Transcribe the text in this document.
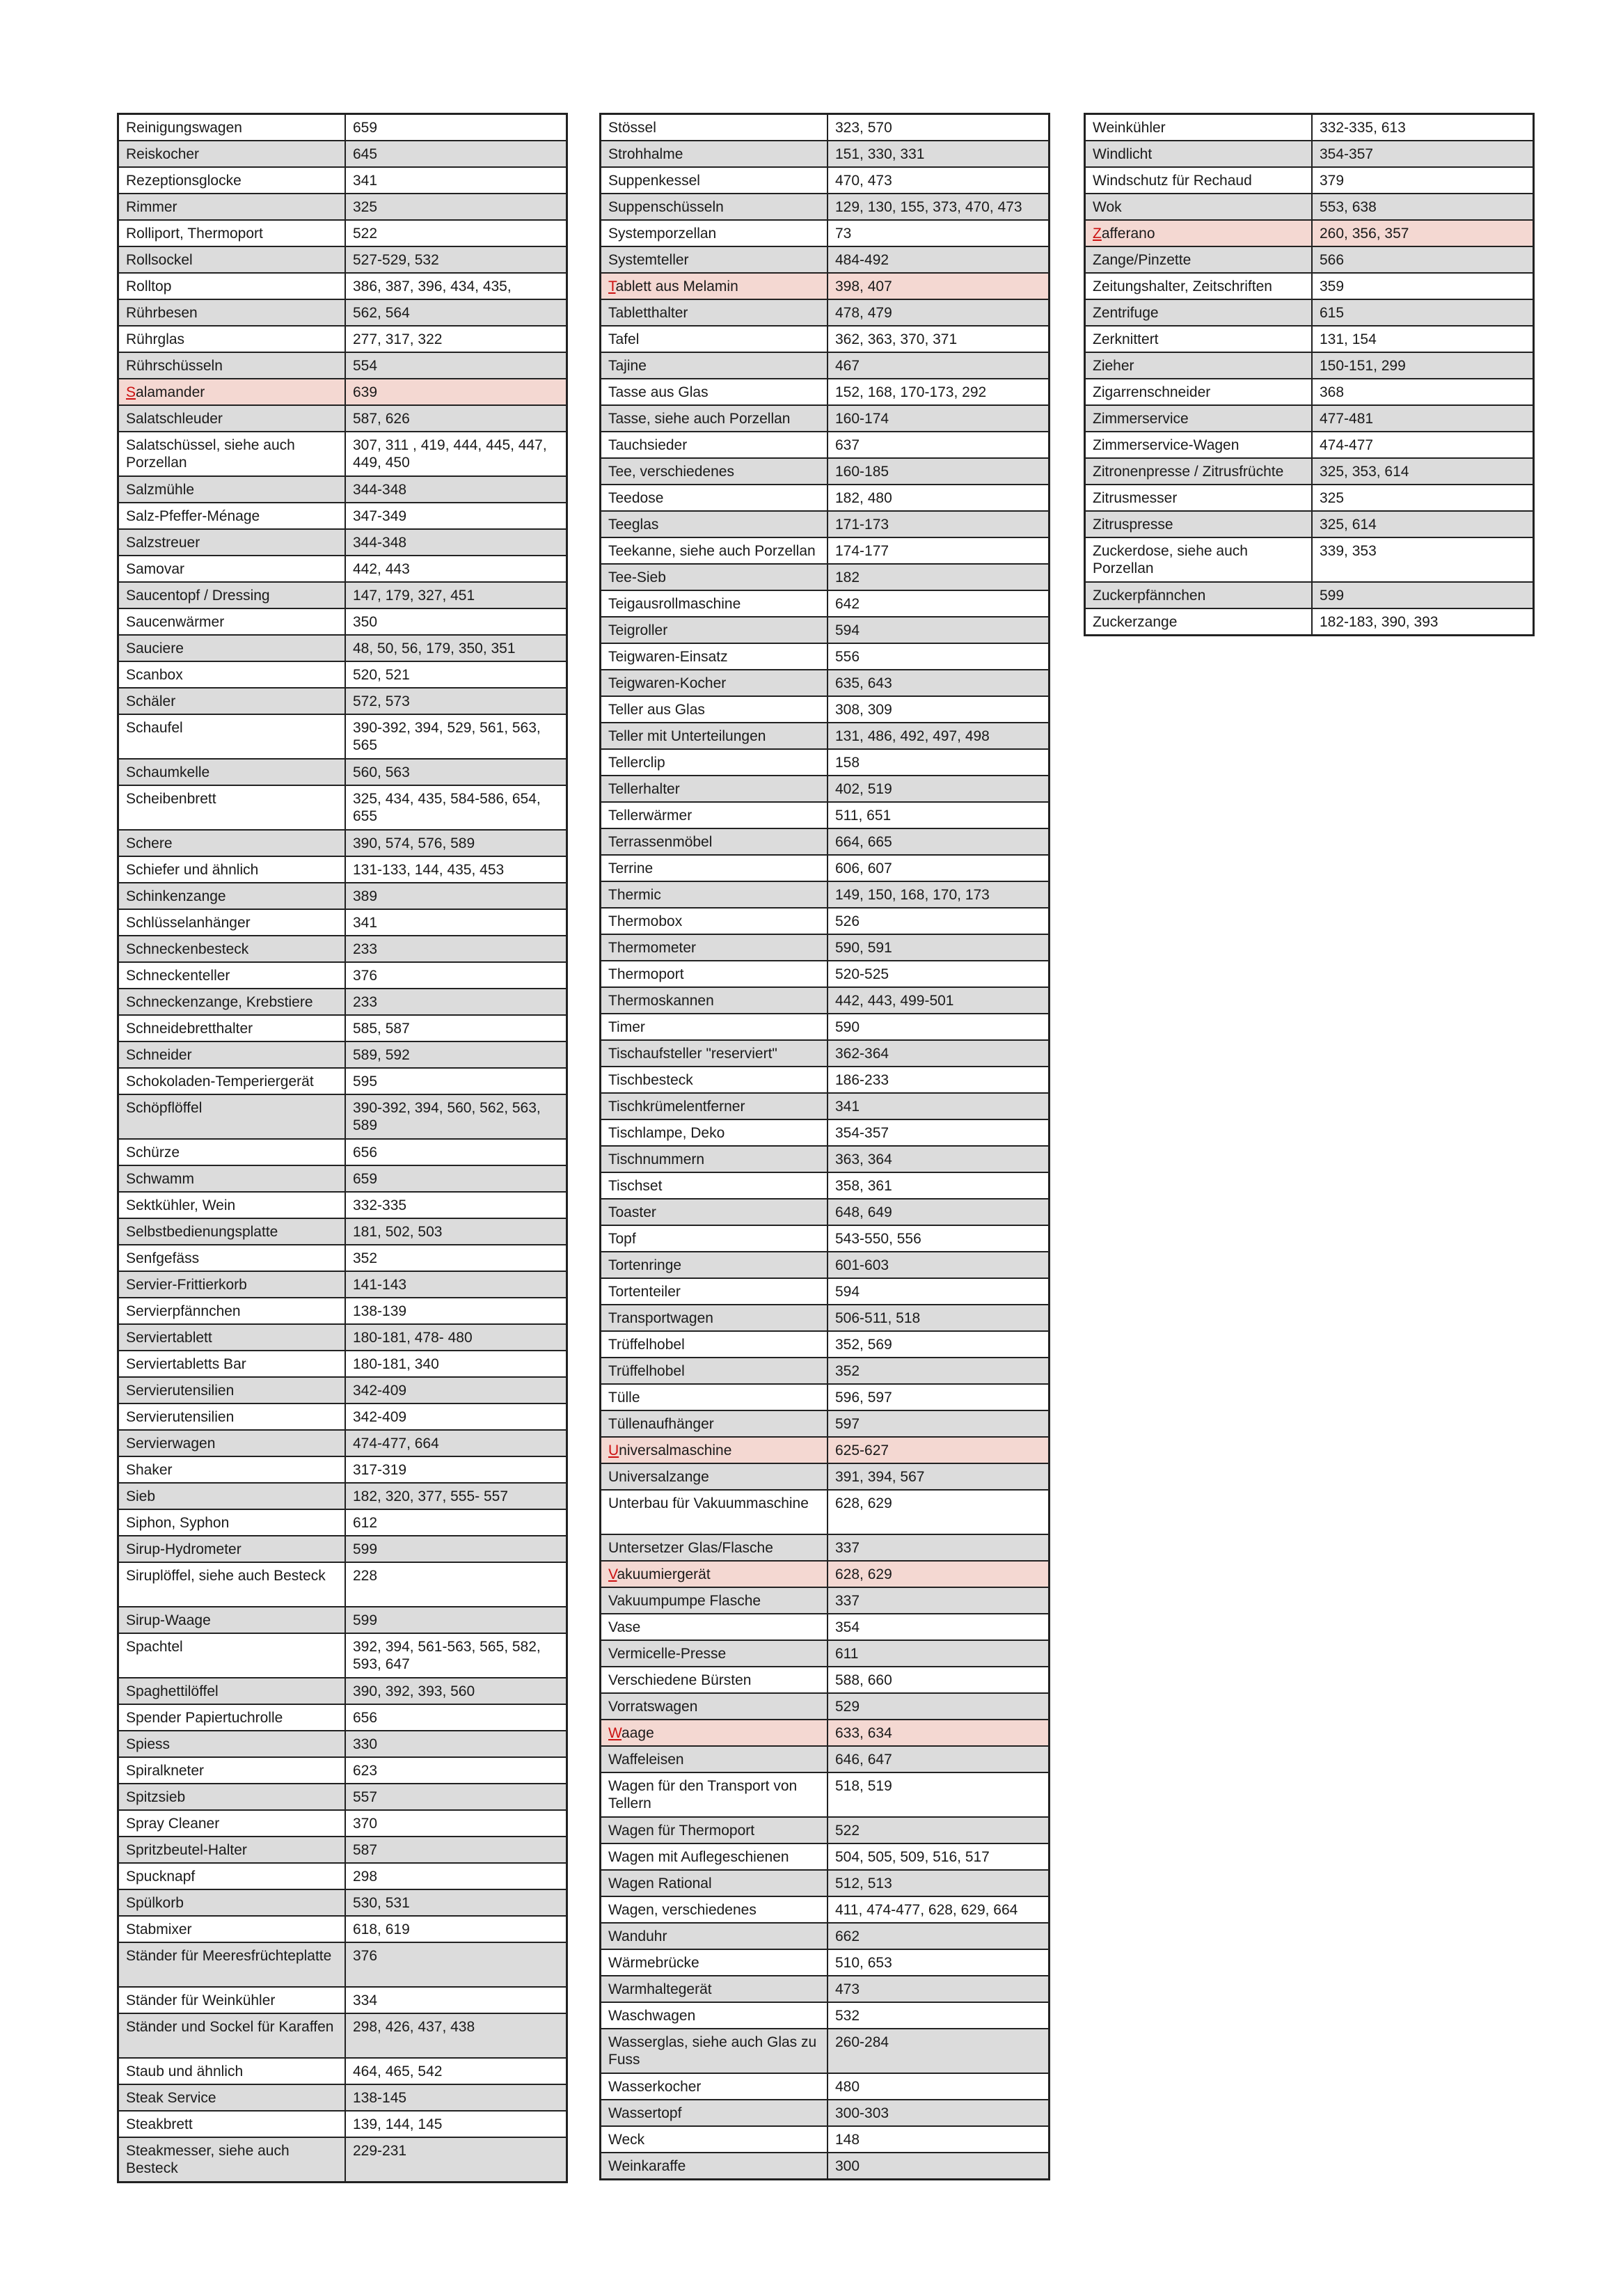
Reinigungswagen	659
Reiskocher	645
Rezeptionsglocke	341
Rimmer	325
Rolliport, Thermoport	522
Rollsockel	527-529, 532
Rolltop	386, 387, 396, 434, 435,
Rührbesen	562, 564
Rührglas	277, 317, 322
Rührschüsseln	554
Salamander	639
Salatschleuder	587, 626
Salatschüssel, siehe auch Porzellan	307, 311 , 419, 444, 445, 447, 449, 450
Salzmühle	344-348
Salz-Pfeffer-Ménage	347-349
Salzstreuer	344-348
Samovar	442, 443
Saucentopf / Dressing	147, 179, 327, 451
Saucenwärmer	350
Sauciere	48, 50, 56, 179, 350, 351
Scanbox	520, 521
Schäler	572, 573
Schaufel	390-392, 394, 529, 561, 563, 565
Schaumkelle	560, 563
Scheibenbrett	325, 434, 435, 584-586, 654, 655
Schere	390, 574, 576, 589
Schiefer und ähnlich	131-133, 144, 435, 453
Schinkenzange	389
Schlüsselanhänger	341
Schneckenbesteck	233
Schneckenteller	376
Schneckenzange, Krebstiere	233
Schneidebretthalter	585, 587
Schneider	589, 592
Schokoladen-Temperiergerät	595
Schöpflöffel	390-392, 394, 560, 562, 563, 589
Schürze	656
Schwamm	659
Sektkühler, Wein	332-335
Selbstbedienungsplatte	181, 502, 503
Senfgefäss	352
Servier-Frittierkorb	141-143
Servierpfännchen	138-139
Serviertablett	180-181, 478- 480
Serviertabletts Bar	180-181, 340
Servierutensilien	342-409
Servierutensilien	342-409
Servierwagen	474-477, 664
Shaker	317-319
Sieb	182, 320, 377, 555- 557
Siphon, Syphon	612
Sirup-Hydrometer	599
Siruplöffel, siehe auch Besteck	228
Sirup-Waage	599
Spachtel	392, 394, 561-563, 565, 582, 593, 647
Spaghettilöffel	390, 392, 393, 560
Spender Papiertuchrolle	656
Spiess	330
Spiralkneter	623
Spitzsieb	557
Spray Cleaner	370
Spritzbeutel-Halter	587
Spucknapf	298
Spülkorb	530, 531
Stabmixer	618, 619
Ständer für Meeresfrüchteplatte	376
Ständer für Weinkühler	334
Ständer und Sockel für Karaffen	298, 426, 437, 438
Staub und ähnlich	464, 465, 542
Steak Service	138-145
Steakbrett	139, 144, 145
Steakmesser, siehe auch Besteck	229-231
Stössel	323, 570
Strohhalme	151, 330, 331
Suppenkessel	470, 473
Suppenschüsseln	129, 130, 155, 373, 470, 473
Systemporzellan	73
Systemteller	484-492
Tablett aus Melamin	398, 407
Tabletthalter	478, 479
Tafel	362, 363, 370, 371
Tajine	467
Tasse aus Glas	152, 168, 170-173, 292
Tasse, siehe auch Porzellan	160-174
Tauchsieder	637
Tee, verschiedenes	160-185
Teedose	182, 480
Teeglas	171-173
Teekanne, siehe auch Porzellan	174-177
Tee-Sieb	182
Teigausrollmaschine	642
Teigroller	594
Teigwaren-Einsatz	556
Teigwaren-Kocher	635, 643
Teller aus Glas	308, 309
Teller mit Unterteilungen	131, 486, 492, 497, 498
Tellerclip	158
Tellerhalter	402, 519
Tellerwärmer	511, 651
Terrassenmöbel	664, 665
Terrine	606, 607
Thermic	149, 150, 168, 170, 173
Thermobox	526
Thermometer	590, 591
Thermoport	520-525
Thermoskannen	442, 443, 499-501
Timer	590
Tischaufsteller "reserviert"	362-364
Tischbesteck	186-233
Tischkrümelentferner	341
Tischlampe, Deko	354-357
Tischnummern	363, 364
Tischset	358, 361
Toaster	648, 649
Topf	543-550, 556
Tortenringe	601-603
Tortenteiler	594
Transportwagen	506-511, 518
Trüffelhobel	352, 569
Trüffelhobel	352
Tülle	596, 597
Tüllenaufhänger	597
Universalmaschine	625-627
Universalzange	391, 394, 567
Unterbau für Vakuummaschine	628, 629
Untersetzer Glas/Flasche	337
Vakuumiergerät	628, 629
Vakuumpumpe Flasche	337
Vase	354
Vermicelle-Presse	611
Verschiedene Bürsten	588, 660
Vorratswagen	529
Waage	633, 634
Waffeleisen	646, 647
Wagen für den Transport von Tellern	518, 519
Wagen für Thermoport	522
Wagen mit Auflegeschienen	504, 505, 509, 516, 517
Wagen Rational	512, 513
Wagen, verschiedenes	411, 474-477, 628, 629, 664
Wanduhr	662
Wärmebrücke	510, 653
Warmhaltegerät	473
Waschwagen	532
Wasserglas, siehe auch Glas zu Fuss	260-284
Wasserkocher	480
Wassertopf	300-303
Weck	148
Weinkaraffe	300
Weinkühler	332-335, 613
Windlicht	354-357
Windschutz für Rechaud	379
Wok	553, 638
Zafferano	260, 356, 357
Zange/Pinzette	566
Zeitungshalter, Zeitschriften	359
Zentrifuge	615
Zerknittert	131, 154
Zieher	150-151, 299
Zigarrenschneider	368
Zimmerservice	477-481
Zimmerservice-Wagen	474-477
Zitronenpresse / Zitrusfrüchte	325, 353, 614
Zitrusmesser	325
Zitruspresse	325, 614
Zuckerdose, siehe auch Porzellan	339, 353
Zuckerpfännchen	599
Zuckerzange	182-183, 390, 393
